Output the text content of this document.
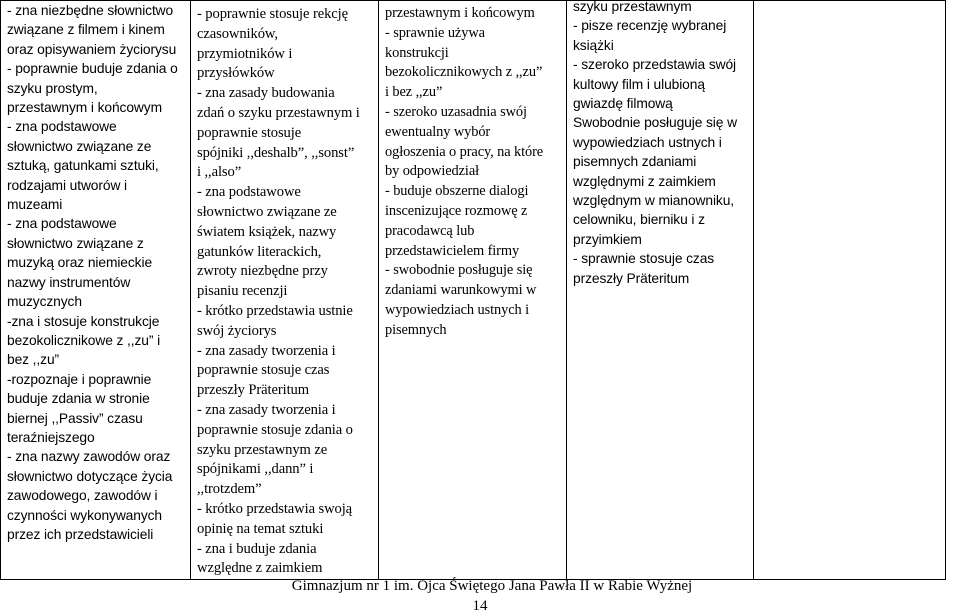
- zna niezbędne słownictwo
związane z filmem i kinem
oraz opisywaniem życiorysu
- poprawnie buduje zdania o
szyku prostym,
przestawnym i końcowym
- zna podstawowe
słownictwo związane ze
sztuką, gatunkami sztuki,
rodzajami utworów i
muzeami
- zna podstawowe
słownictwo związane z
muzyką oraz niemieckie
nazwy instrumentów
muzycznych
-zna i stosuje konstrukcje
bezokolicznikowe z ,,zu” i
bez ,,zu”
-rozpoznaje i poprawnie
buduje zdania w stronie
biernej ,,Passiv” czasu
teraźniejszego
- zna nazwy zawodów oraz
słownictwo dotyczące życia
zawodowego, zawodów i
czynności wykonywanych
przez ich przedstawicieli

- poprawnie stosuje rekcję
czasowników,
przymiotników i
przysłówków
- zna zasady budowania
zdań o szyku przestawnym i
poprawnie stosuje
spójniki ,,deshalb”, ,,sonst”
i ,,also”
- zna podstawowe
słownictwo związane ze
światem książek, nazwy
gatunków literackich,
zwroty niezbędne przy
pisaniu recenzji
- krótko przedstawia ustnie
swój życiorys
- zna zasady tworzenia i
poprawnie stosuje czas
przeszły Präteritum
- zna zasady tworzenia i
poprawnie stosuje zdania o
szyku przestawnym ze
spójnikami ,,dann” i
,,trotzdem”
- krótko przedstawia swoją
opinię na temat sztuki
- zna i buduje zdania
względne z zaimkiem

przestawnym i końcowym
- sprawnie używa
konstrukcji
bezokolicznikowych z ,,zu”
i bez ,,zu”
- szeroko uzasadnia swój
ewentualny wybór
ogłoszenia o pracy, na które
by odpowiedział
- buduje obszerne dialogi
inscenizujące rozmowę z
pracodawcą lub
przedstawicielem firmy
- swobodnie posługuje się
zdaniami warunkowymi w
wypowiedziach ustnych i
pisemnych

szyku przestawnym
- pisze recenzję wybranej
książki
- szeroko przedstawia swój
kultowy film i ulubioną
gwiazdę filmową
Swobodnie posługuje się w
wypowiedziach ustnych i
pisemnych zdaniami
względnymi z zaimkiem
względnym w mianowniku,
celowniku, bierniku i z
przyimkiem
- sprawnie stosuje czas
przeszły Präteritum

Gimnazjum nr 1 im. Ojca Świętego Jana Pawła II w Rabie Wyżnej
14
